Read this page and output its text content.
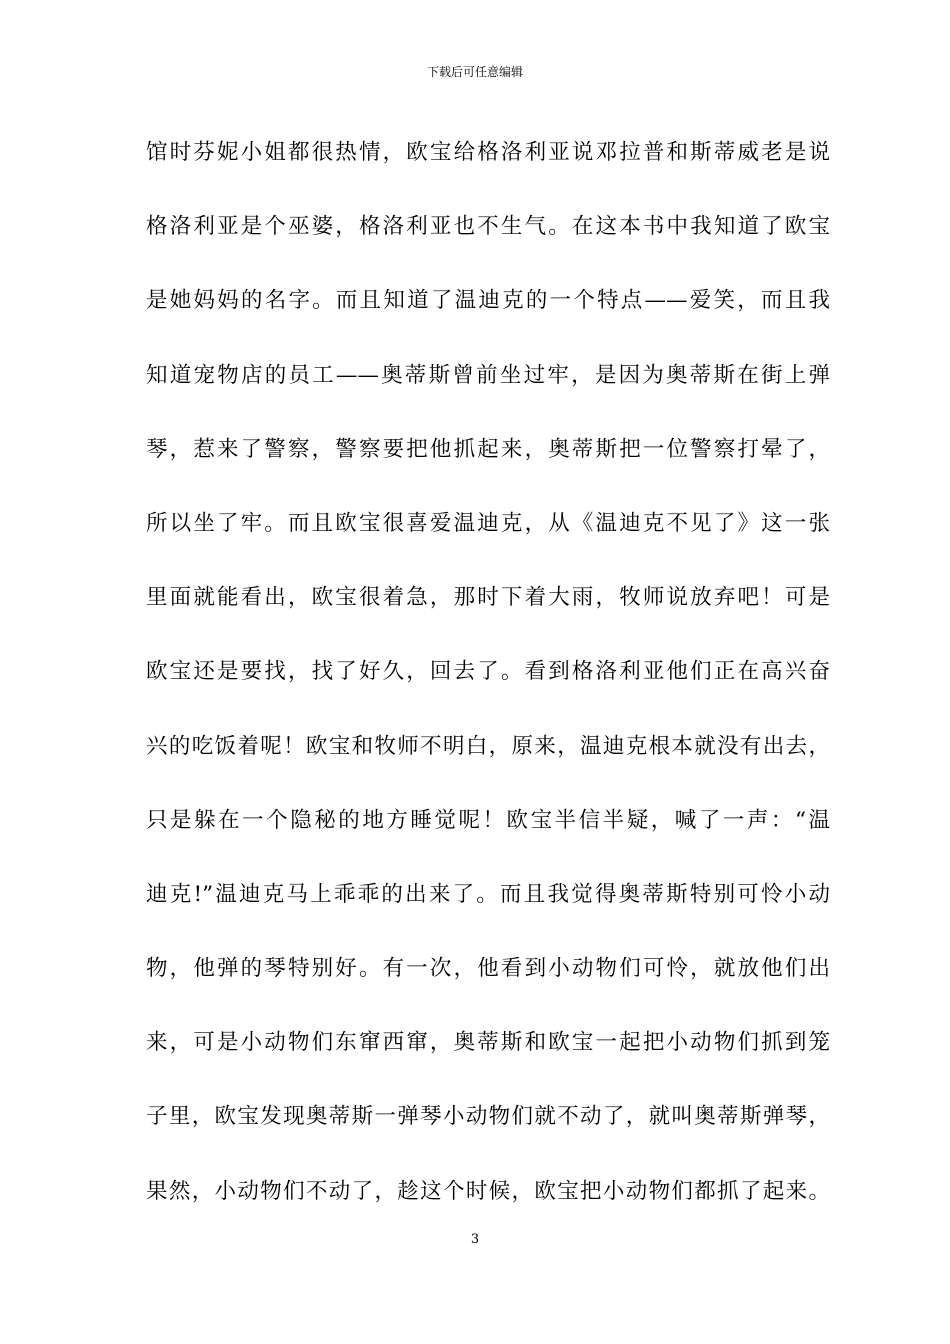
下载后可任意编辑
馆时芬妮小姐都很热情，欧宝给格洛利亚说邓拉普和斯蒂威老是说
格洛利亚是个巫婆，格洛利亚也不生气。在这本书中我知道了欧宝
是她妈妈的名字。而且知道了温迪克的一个特点——爱笑，而且我
知道宠物店的员工——奥蒂斯曾前坐过牢，是因为奥蒂斯在街上弹
琴，惹来了警察，警察要把他抓起来，奥蒂斯把一位警察打晕了，
所以坐了牢。而且欧宝很喜爱温迪克，从《温迪克不见了》这一张
里面就能看出，欧宝很着急，那时下着大雨，牧师说放弃吧！可是
欧宝还是要找，找了好久，回去了。看到格洛利亚他们正在高兴奋
兴的吃饭着呢！欧宝和牧师不明白，原来，温迪克根本就没有出去，
只是躲在一个隐秘的地方睡觉呢！欧宝半信半疑，喊了一声：“温
迪克!”温迪克马上乖乖的出来了。而且我觉得奥蒂斯特别可怜小动
物，他弹的琴特别好。有一次，他看到小动物们可怜，就放他们出
来，可是小动物们东窜西窜，奥蒂斯和欧宝一起把小动物们抓到笼
子里，欧宝发现奥蒂斯一弹琴小动物们就不动了，就叫奥蒂斯弹琴，
果然，小动物们不动了，趁这个时候，欧宝把小动物们都抓了起来。
3
